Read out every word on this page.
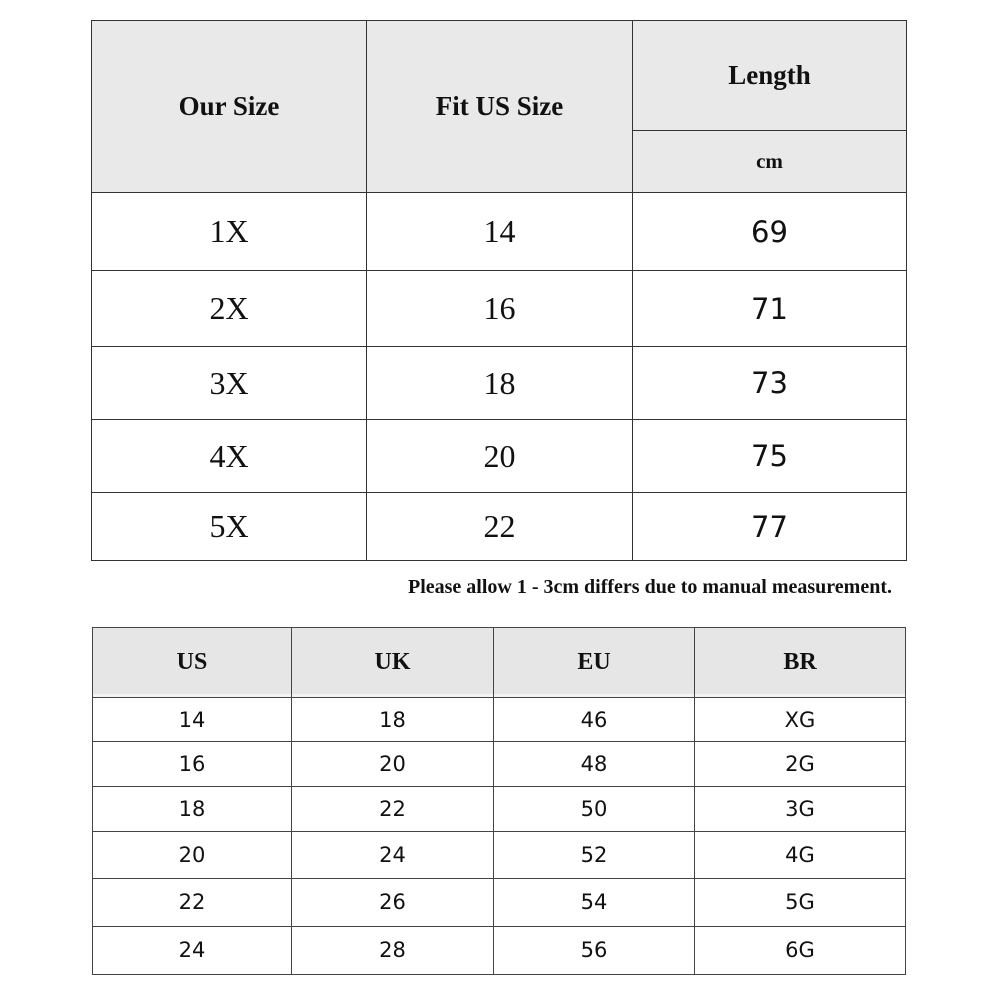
Our Size	Fit US Size	Length
		cm
1X	14	69
2X	16	71
3X	18	73
4X	20	75
5X	22	77
Please allow 1 - 3cm differs due to manual measurement.
US	UK	EU	BR
14	18	46	XG
16	20	48	2G
18	22	50	3G
20	24	52	4G
22	26	54	5G
24	28	56	6G
